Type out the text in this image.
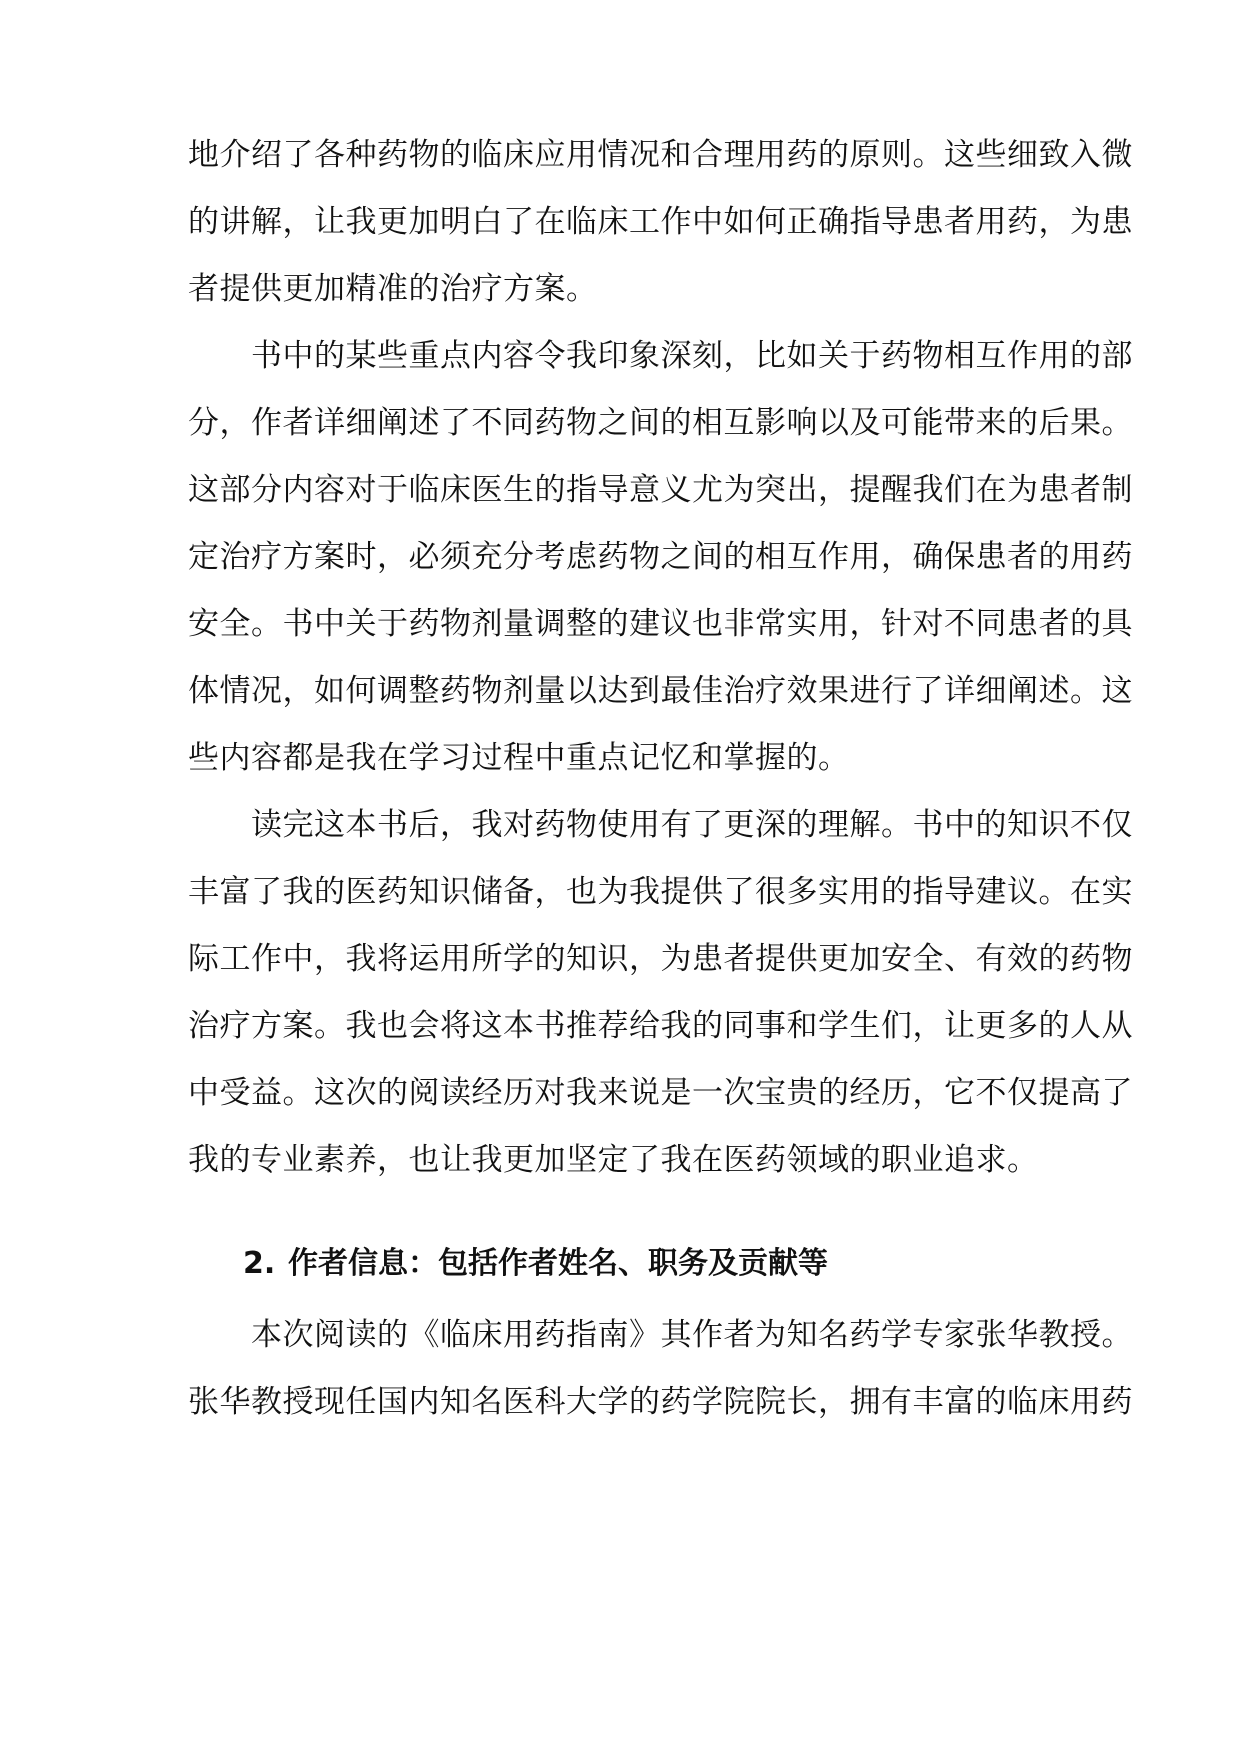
地介绍了各种药物的临床应用情况和合理用药的原则。这些细致入微
的讲解，让我更加明白了在临床工作中如何正确指导患者用药，为患
者提供更加精准的治疗方案。
　　书中的某些重点内容令我印象深刻，比如关于药物相互作用的部
分，作者详细阐述了不同药物之间的相互影响以及可能带来的后果。
这部分内容对于临床医生的指导意义尤为突出，提醒我们在为患者制
定治疗方案时，必须充分考虑药物之间的相互作用，确保患者的用药
安全。书中关于药物剂量调整的建议也非常实用，针对不同患者的具
体情况，如何调整药物剂量以达到最佳治疗效果进行了详细阐述。这
些内容都是我在学习过程中重点记忆和掌握的。
　　读完这本书后，我对药物使用有了更深的理解。书中的知识不仅
丰富了我的医药知识储备，也为我提供了很多实用的指导建议。在实
际工作中，我将运用所学的知识，为患者提供更加安全、有效的药物
治疗方案。我也会将这本书推荐给我的同事和学生们，让更多的人从
中受益。这次的阅读经历对我来说是一次宝贵的经历，它不仅提高了
我的专业素养，也让我更加坚定了我在医药领域的职业追求。
2. 作者信息：包括作者姓名、职务及贡献等
　　本次阅读的《临床用药指南》其作者为知名药学专家张华教授。
张华教授现任国内知名医科大学的药学院院长，拥有丰富的临床用药
